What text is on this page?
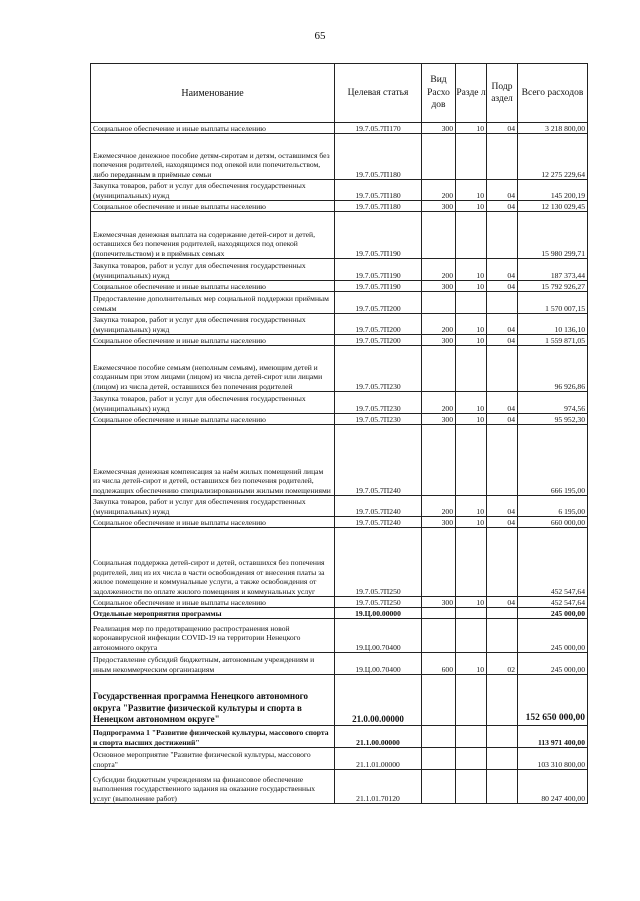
65
Наименование	Целевая статья	Вид Расхо дов	Разде л	Подр аздел	Всего расходов
Социальное обеспечение и иные выплаты населению	19.7.05.7П170	300	10	04	3 218 800,00
Ежемесячное денежное пособие детям-сиротам и детям, оставшимся без попечения родителей, находящимся под опекой или попечительством, либо переданным в приёмные семьи	19.7.05.7П180				12 275 229,64
Закупка товаров, работ и услуг для обеспечения государственных (муниципальных) нужд	19.7.05.7П180	200	10	04	145 200,19
Социальное обеспечение и иные выплаты населению	19.7.05.7П180	300	10	04	12 130 029,45
Ежемесячная денежная выплата на содержание детей-сирот и детей, оставшихся без попечения родителей, находящихся под опекой (попечительством) и в приёмных семьях	19.7.05.7П190				15 980 299,71
Закупка товаров, работ и услуг для обеспечения государственных (муниципальных) нужд	19.7.05.7П190	200	10	04	187 373,44
Социальное обеспечение и иные выплаты населению	19.7.05.7П190	300	10	04	15 792 926,27
Предоставление дополнительных мер социальной поддержки приёмным семьям	19.7.05.7П200				1 570 007,15
Закупка товаров, работ и услуг для обеспечения государственных (муниципальных) нужд	19.7.05.7П200	200	10	04	10 136,10
Социальное обеспечение и иные выплаты населению	19.7.05.7П200	300	10	04	1 559 871,05
Ежемесячное пособие семьям (неполным семьям), имеющим детей и созданным при этом лицами (лицом) из числа детей-сирот или лицами (лицом) из числа детей, оставшихся без попечения родителей	19.7.05.7П230				96 926,86
Закупка товаров, работ и услуг для обеспечения государственных (муниципальных) нужд	19.7.05.7П230	200	10	04	974,56
Социальное обеспечение и иные выплаты населению	19.7.05.7П230	300	10	04	95 952,30
Ежемесячная денежная компенсация за наём жилых помещений лицам из числа детей-сирот и детей, оставшихся без попечения родителей, подлежащих обеспечению специализированными жилыми помещениями	19.7.05.7П240				666 195,00
Закупка товаров, работ и услуг для обеспечения государственных (муниципальных) нужд	19.7.05.7П240	200	10	04	6 195,00
Социальное обеспечение и иные выплаты населению	19.7.05.7П240	300	10	04	660 000,00
Социальная поддержка детей-сирот и детей, оставшихся без попечения родителей, лиц из их числа в части освобождения от внесения платы за жилое помещение и коммунальные услуги, а также освобождения от задолженности по оплате жилого помещения и коммунальных услуг	19.7.05.7П250				452 547,64
Социальное обеспечение и иные выплаты населению	19.7.05.7П250	300	10	04	452 547,64
Отдельные мероприятия программы	19.Ц.00.00000				245 000,00
Реализация мер по предотвращению распространения новой коронавирусной инфекции COVID-19 на территории Ненецкого автономного округа	19.Ц.00.70400				245 000,00
Предоставление субсидий бюджетным, автономным учреждениям и иным некоммерческим организациям	19.Ц.00.70400	600	10	02	245 000,00
Государственная программа Ненецкого автономного округа "Развитие физической культуры и спорта в Ненецком автономном округе"	21.0.00.00000				152 650 000,00
Подпрограмма 1 "Развитие физической культуры, массового спорта и спорта высших достижений"	21.1.00.00000				113 971 400,00
Основное мероприятие "Развитие физической культуры, массового спорта"	21.1.01.00000				103 310 800,00
Субсидии бюджетным учреждениям на финансовое обеспечение выполнения государственного задания на оказание государственных услуг (выполнение работ)	21.1.01.70120				80 247 400,00
